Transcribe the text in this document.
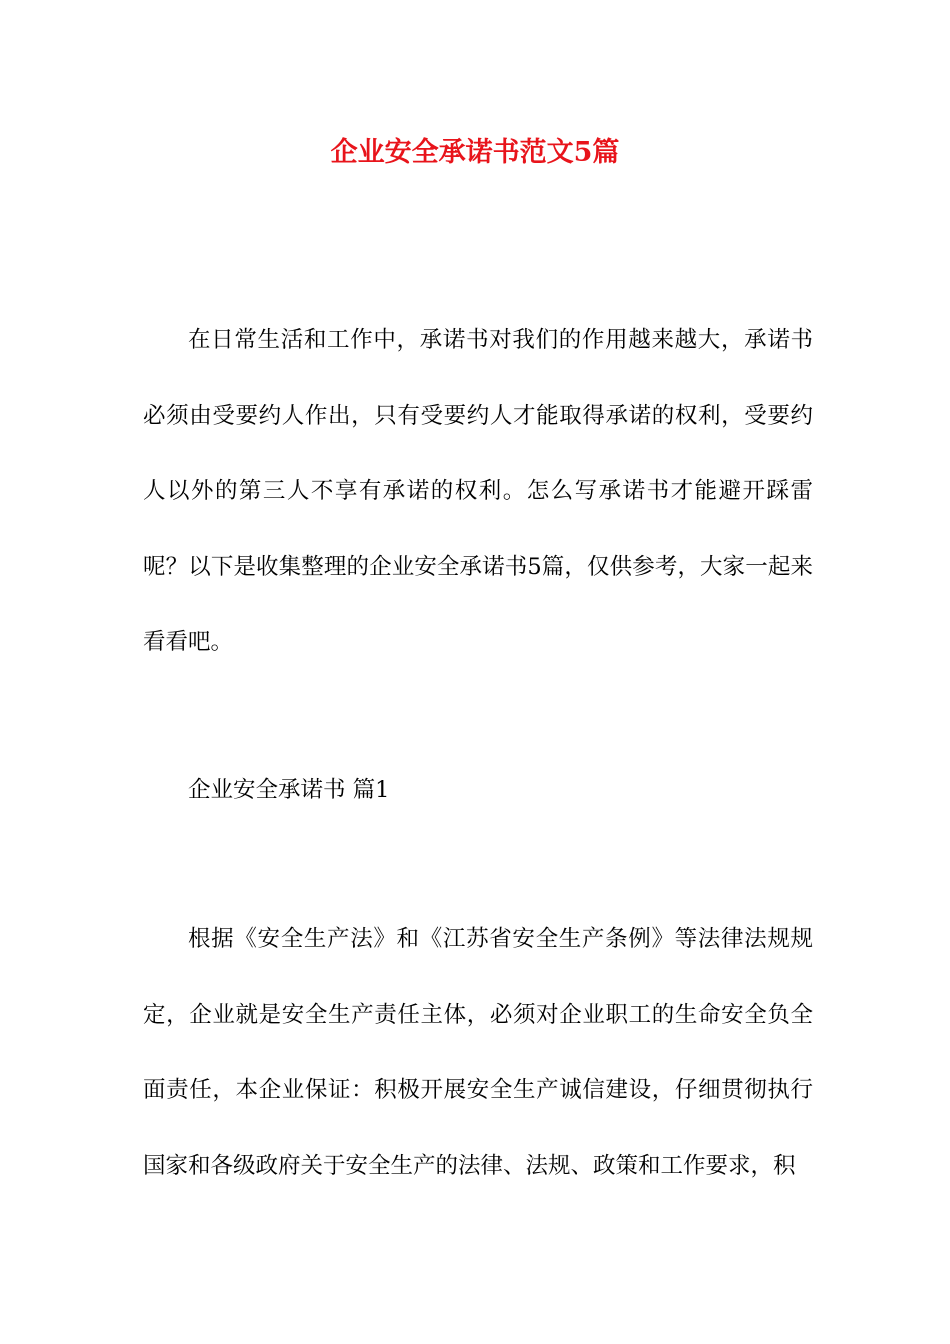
企业安全承诺书范文5篇

在日常生活和工作中，承诺书对我们的作用越来越大，承诺书必须由受要约人作出，只有受要约人才能取得承诺的权利，受要约人以外的第三人不享有承诺的权利。怎么写承诺书才能避开踩雷呢？以下是收集整理的企业安全承诺书5篇，仅供参考，大家一起来看看吧。

企业安全承诺书 篇1

根据《安全生产法》和《江苏省安全生产条例》等法律法规规定，企业就是安全生产责任主体，必须对企业职工的生命安全负全面责任，本企业保证：积极开展安全生产诚信建设，仔细贯彻执行国家和各级政府关于安全生产的法律、法规、政策和工作要求，积
